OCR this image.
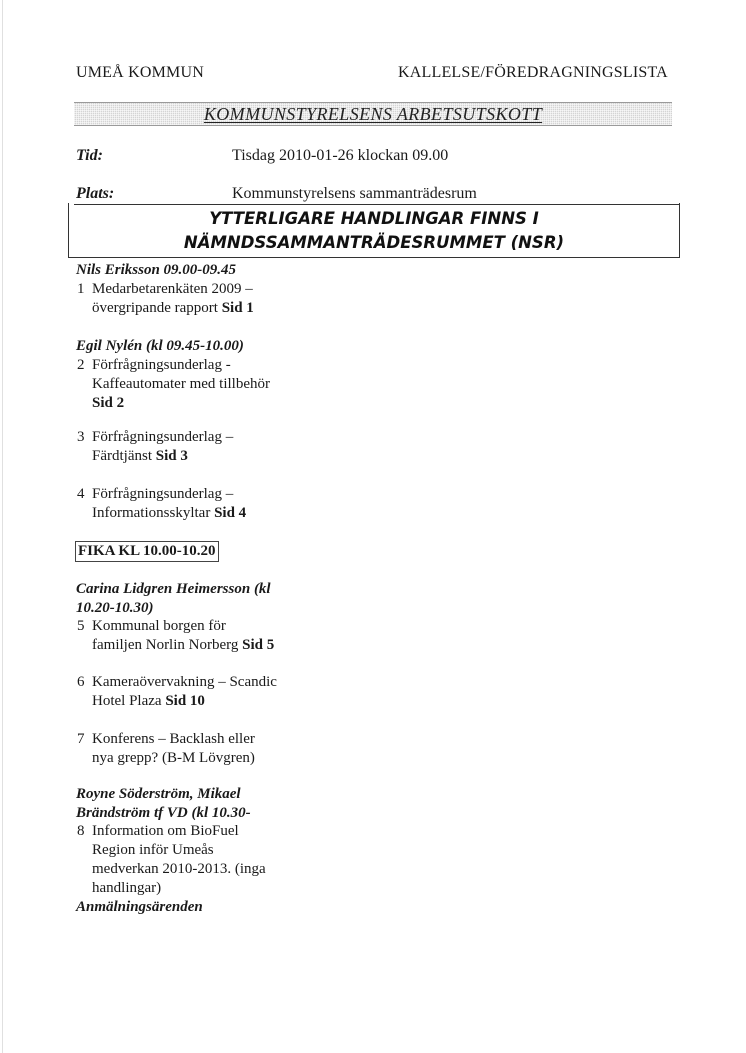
UMEÅ KOMMUN	KALLELSE/FÖREDRAGNINGSLISTA
KOMMUNSTYRELSENS ARBETSUTSKOTT
Tid:	Tisdag 2010-01-26 klockan 09.00
Plats:	Kommunstyrelsens sammanträdesrum
YTTERLIGARE HANDLINGAR FINNS I
NÄMNDSSAMMANTRÄDESRUMMET (NSR)
Nils Eriksson 09.00-09.45
1 Medarbetarenkäten 2009 –
övergripande rapport Sid 1
Egil Nylén (kl 09.45-10.00)
2 Förfrågningsunderlag -
Kaffeautomater med tillbehör
Sid 2
3 Förfrågningsunderlag –
Färdtjänst Sid 3
4 Förfrågningsunderlag –
Informationsskyltar Sid 4
FIKA KL 10.00-10.20
Carina Lidgren Heimersson (kl
10.20-10.30)
5 Kommunal borgen för
familjen Norlin Norberg Sid 5
6 Kameraövervakning – Scandic
Hotel Plaza Sid 10
7 Konferens – Backlash eller
nya grepp? (B-M Lövgren)
Royne Söderström, Mikael
Brändström tf VD (kl 10.30-
8 Information om BioFuel
Region inför Umeås
medverkan 2010-2013. (inga
handlingar)
Anmälningsärenden
